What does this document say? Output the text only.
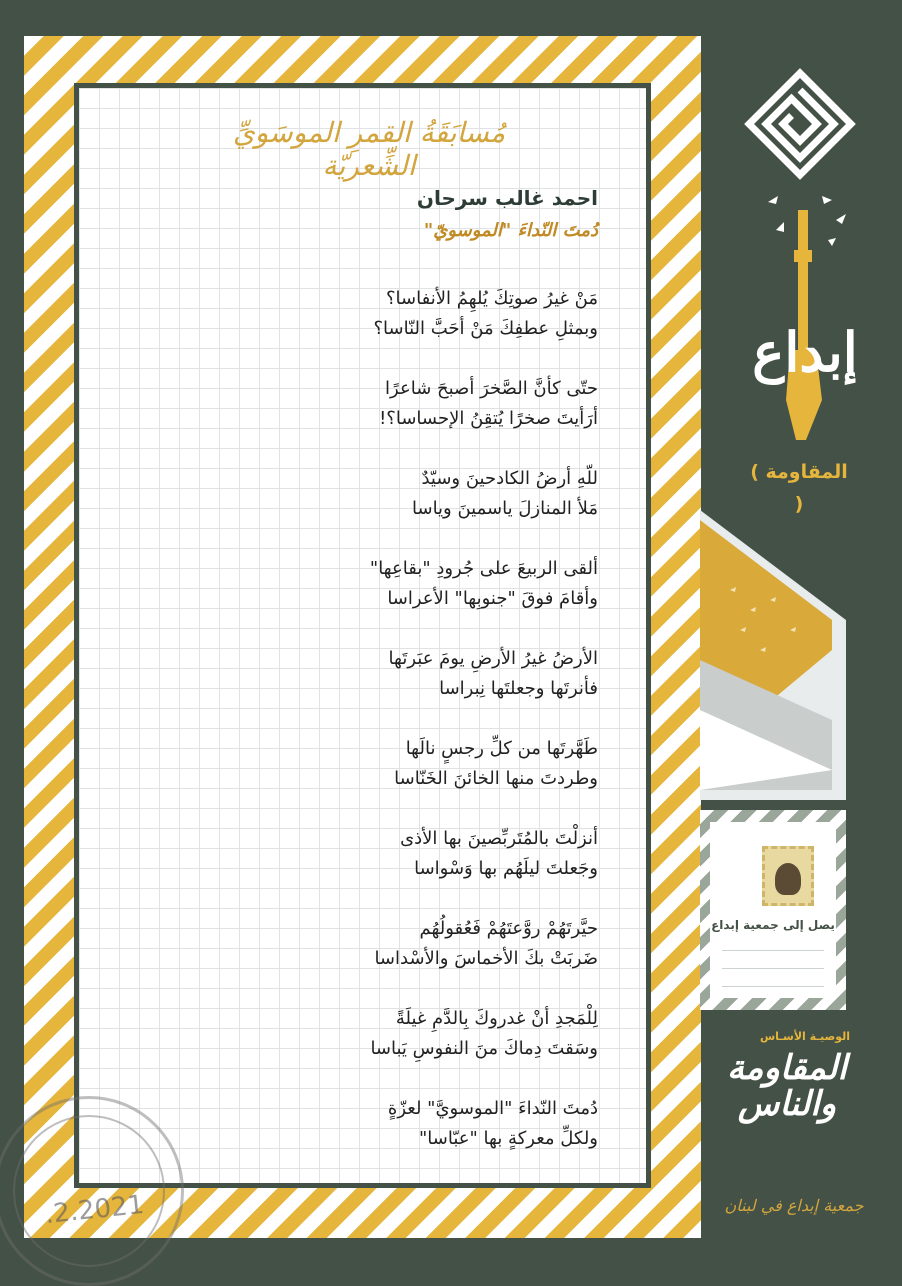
مُسابَقَةُ القمرِ الموسَويِّ الشِّعريّة
احمد غالب سرحان
دُمتَ النّداءَ "الموسويّ"

مَنْ غيرُ صوتِكَ يُلهِمُ الأنفاسا؟

وبمثلِ عطفِكَ مَنْ أحَبَّ النّاسا؟

حتّى كأنَّ الصَّخرَ أصبحَ شاعرًا

أرَأيتَ صخرًا يُتقِنُ الإحساسا؟!

للّهِ أرضُ الكادحينَ وسيّدٌ

مَلأ المنازلَ ياسمينَ وياسا

ألقى الربيعَ على جُرودِ "بقاعِها"

وأقامَ فوقَ "جنوبِها" الأعراسا

الأرضُ غيرُ الأرضِ يومَ عبَرتَها

فأنرتَها وجعلتَها نِبراسا

طَهَّرتَها من كلِّ رجسٍ نالَها

وطردتَ منها الخائنَ الخَنّاسا

أنزلْتَ بالمُتَربِّصينَ بها الأذى

وجَعلتَ ليلَهُم بها وَسْواسا

حيَّرتَهُمْ روَّعتَهُمْ فَعُقولُهُم

ضَربَتْ بكَ الأخماسَ والأسْداسا

لِلْمَجدِ أنْ غدروكَ بِالدَّمِ غيلَةً

وسَقتَ دِماكَ منَ النفوسِ يَباسا

دُمتَ النّداءَ "الموسويَّ" لعزّةٍ

ولكلِّ معركةٍ بها "عبّاسا"

.2.2021
إبداع
( المقاومة )
يصل إلى جمعية إبداع
الوصيـة الأسـاس
المقاومة والناس
جمعية إبداع في لبنان
